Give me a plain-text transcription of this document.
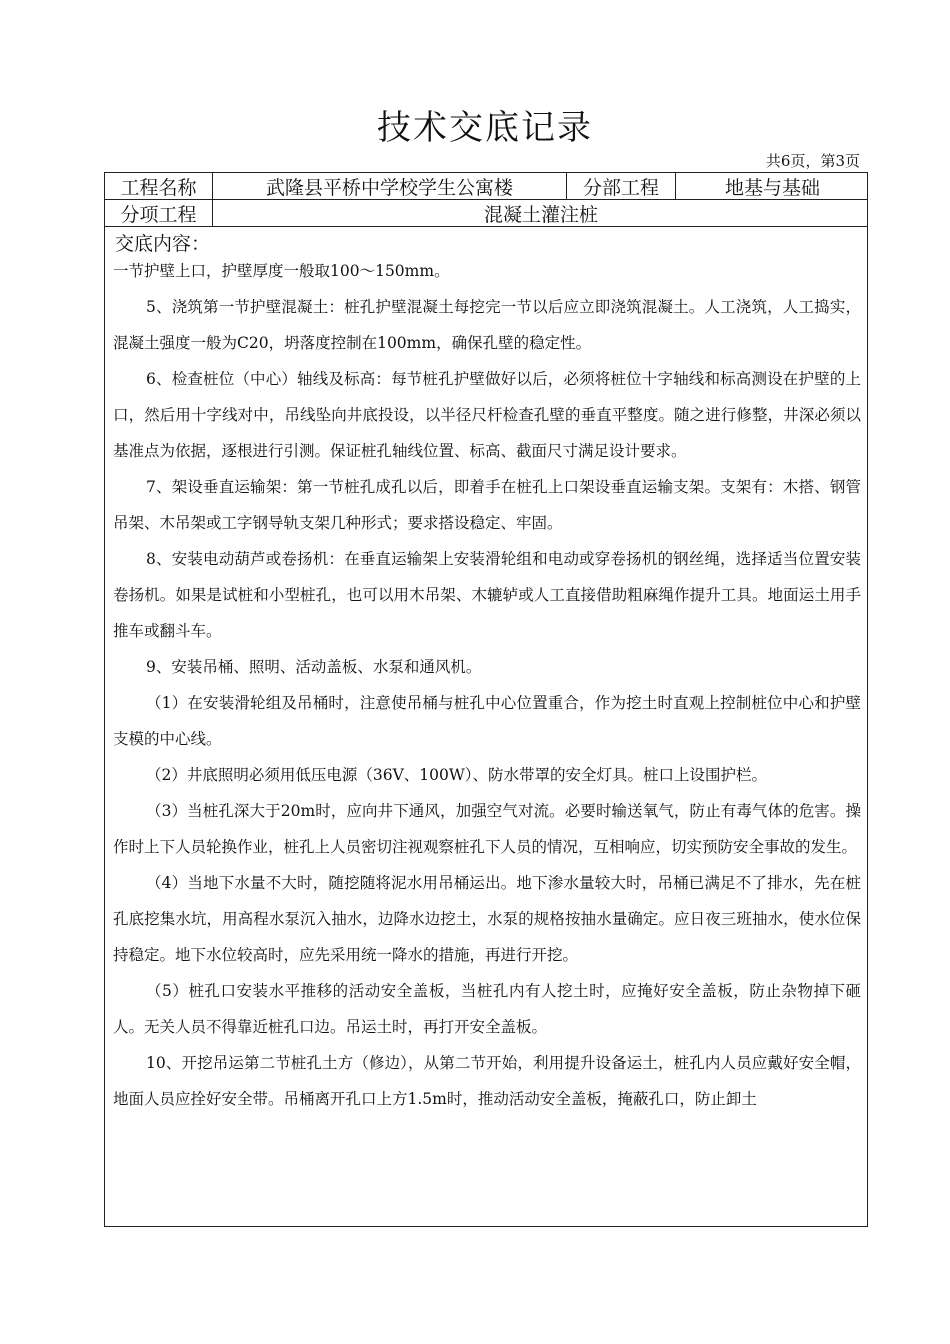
技术交底记录
共6页，第3页
工程名称	武隆县平桥中学校学生公寓楼	分部工程	地基与基础
分项工程	混凝土灌注桩
交底内容：

一节护壁上口，护壁厚度一般取100～150mm。

5、浇筑第一节护壁混凝土：桩孔护壁混凝土每挖完一节以后应立即浇筑混凝土。人工浇筑，人工捣实，混凝土强度一般为C20，坍落度控制在100mm，确保孔壁的稳定性。

6、检查桩位（中心）轴线及标高：每节桩孔护壁做好以后，必须将桩位十字轴线和标高测设在护壁的上口，然后用十字线对中，吊线坠向井底投设，以半径尺杆检查孔壁的垂直平整度。随之进行修整，井深必须以基准点为依据，逐根进行引测。保证桩孔轴线位置、标高、截面尺寸满足设计要求。

7、架设垂直运输架：第一节桩孔成孔以后，即着手在桩孔上口架设垂直运输支架。支架有：木搭、钢管吊架、木吊架或工字钢导轨支架几种形式；要求搭设稳定、牢固。

8、安装电动葫芦或卷扬机：在垂直运输架上安装滑轮组和电动或穿卷扬机的钢丝绳，选择适当位置安装卷扬机。如果是试桩和小型桩孔，也可以用木吊架、木辘轳或人工直接借助粗麻绳作提升工具。地面运土用手推车或翻斗车。

9、安装吊桶、照明、活动盖板、水泵和通风机。

（1）在安装滑轮组及吊桶时，注意使吊桶与桩孔中心位置重合，作为挖土时直观上控制桩位中心和护壁支模的中心线。

（2）井底照明必须用低压电源（36V、100W）、防水带罩的安全灯具。桩口上设围护栏。

（3）当桩孔深大于20m时，应向井下通风，加强空气对流。必要时输送氧气，防止有毒气体的危害。操作时上下人员轮换作业，桩孔上人员密切注视观察桩孔下人员的情况，互相响应，切实预防安全事故的发生。

（4）当地下水量不大时，随挖随将泥水用吊桶运出。地下渗水量较大时，吊桶已满足不了排水，先在桩孔底挖集水坑，用高程水泵沉入抽水，边降水边挖土，水泵的规格按抽水量确定。应日夜三班抽水，使水位保持稳定。地下水位较高时，应先采用统一降水的措施，再进行开挖。

（5）桩孔口安装水平推移的活动安全盖板，当桩孔内有人挖土时，应掩好安全盖板，防止杂物掉下砸人。无关人员不得靠近桩孔口边。吊运土时，再打开安全盖板。

10、开挖吊运第二节桩孔土方（修边），从第二节开始，利用提升设备运土，桩孔内人员应戴好安全帽，地面人员应拴好安全带。吊桶离开孔口上方1.5m时，推动活动安全盖板，掩蔽孔口，防止卸土
